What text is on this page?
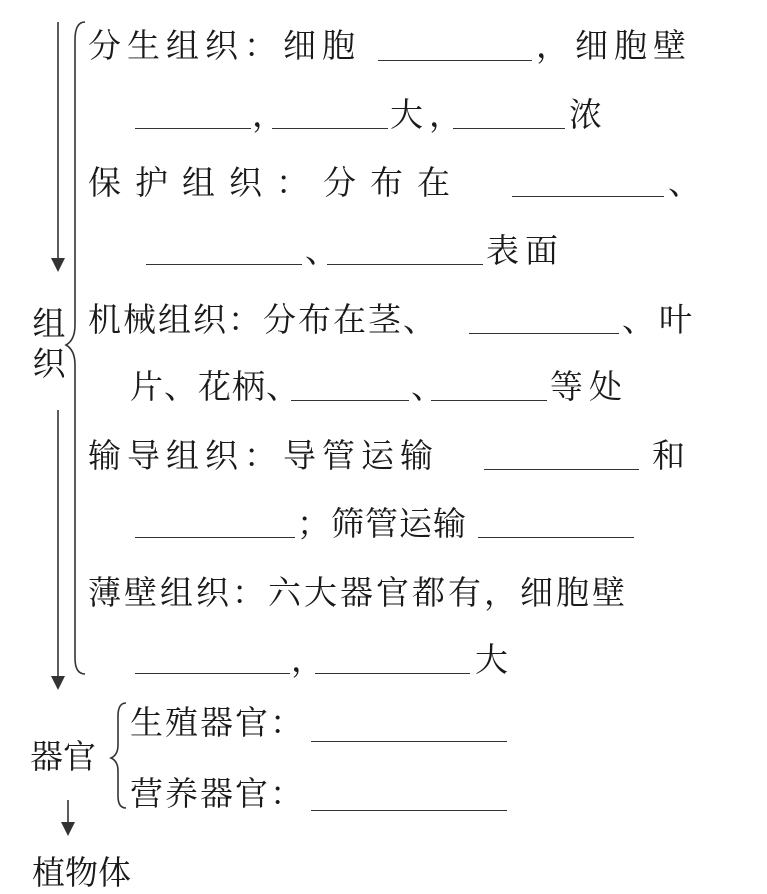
组织
器官
植物体
分生组织：细胞	，细胞壁
，	大，	浓
保护组织：分布在	、
、	表面
机械组织：分布在茎、	、叶
片、花柄、	、	等处
输导组织：导管运输	和
；筛管运输
薄壁组织：六大器官都有，细胞壁
，	大
生殖器官：
营养器官：
